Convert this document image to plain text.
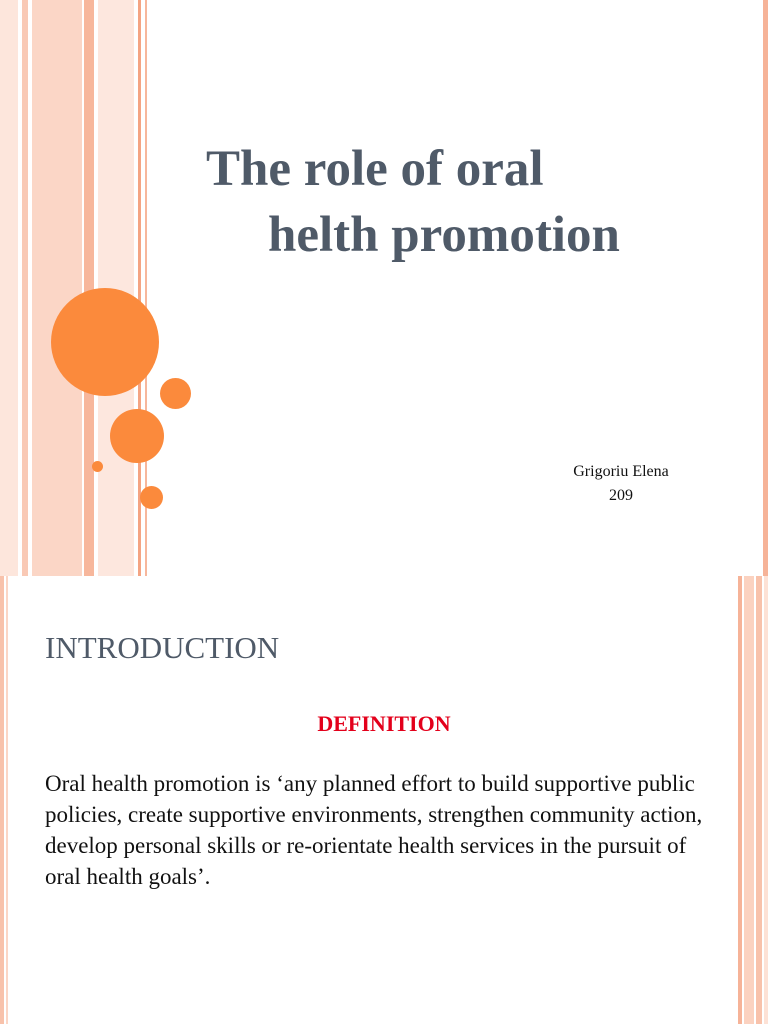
The role of oral
helth promotion
Grigoriu Elena
209
INTRODUCTION
DEFINITION

Oral health promotion is ‘any planned effort to build supportive public policies, create supportive environments, strengthen community action, develop personal skills or re-orientate health services in the pursuit of oral health goals’.
